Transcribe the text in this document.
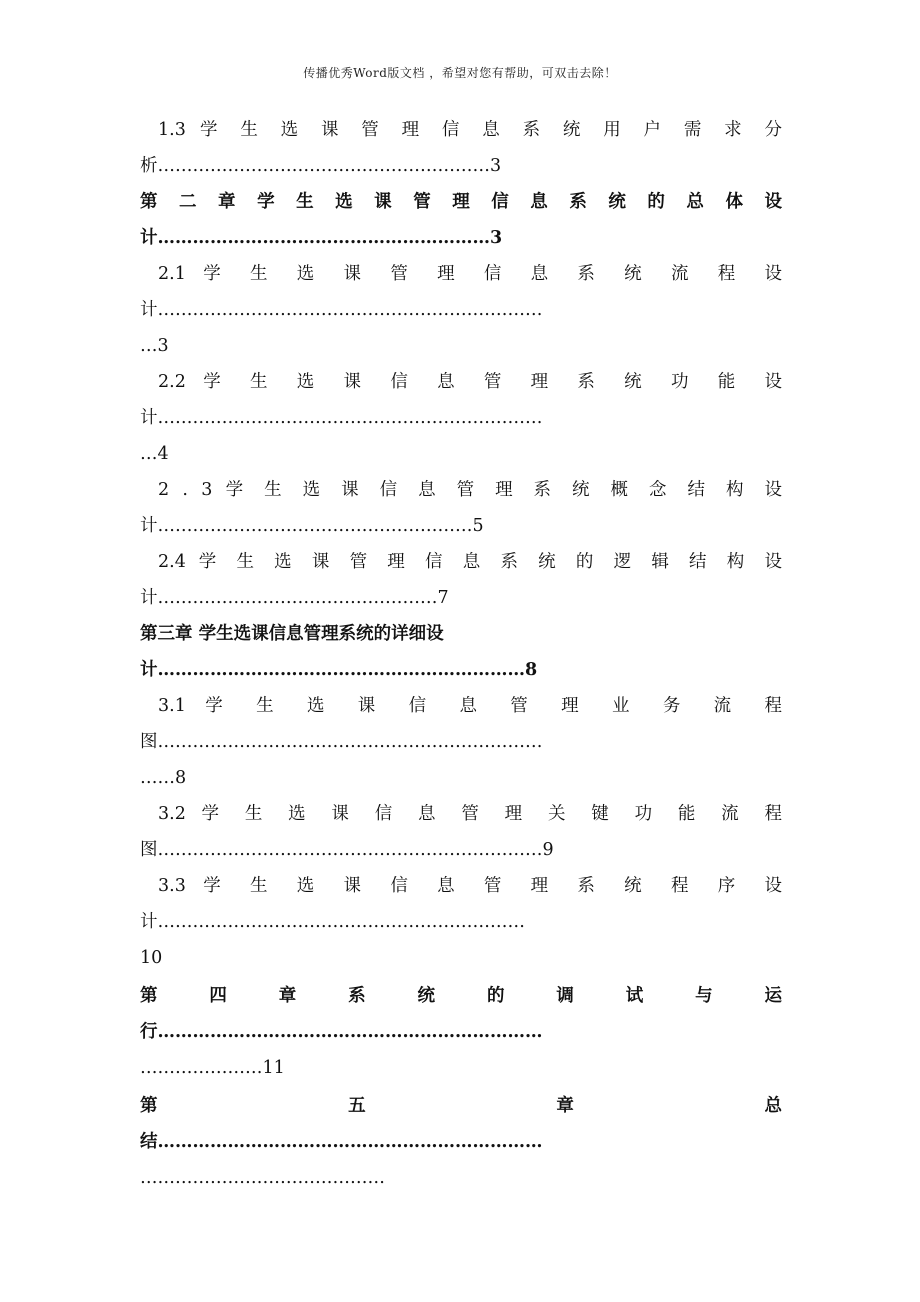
传播优秀Word版文档 ，希望对您有帮助，可双击去除！
1.3 学 生 选 课 管 理 信 息 系 统 用 户 需 求 分
析…………………………………………………3
第 二 章 学 生 选 课 管 理 信 息 系 统 的 总 体 设
计…………………………………………………3
2.1 学 生 选 课 管 理 信 息 系 统 流 程 设
计…………………………………………………………
…3
2.2 学 生 选 课 信 息 管 理 系 统 功 能 设
计…………………………………………………………
…4
2 . 3 学 生 选 课 信 息 管 理 系 统 概 念 结 构 设
计………………………………………………5
2.4 学 生 选 课 管 理 信 息 系 统 的 逻 辑 结 构 设
计…………………………………………7
第三章 学生选课信息管理系统的详细设
计………………………………………………………8
3.1 学 生 选 课 信 息 管 理 业 务 流 程
图…………………………………………………………
……8
3.2 学 生 选 课 信 息 管 理 关 键 功 能 流 程
图…………………………………………………………9
3.3 学 生 选 课 信 息 管 理 系 统 程 序 设
计………………………………………………………
10
第 四 章 系 统 的 调 试 与 运
行…………………………………………………………
…………………11
第 五 章 总
结…………………………………………………………
……………………………………
